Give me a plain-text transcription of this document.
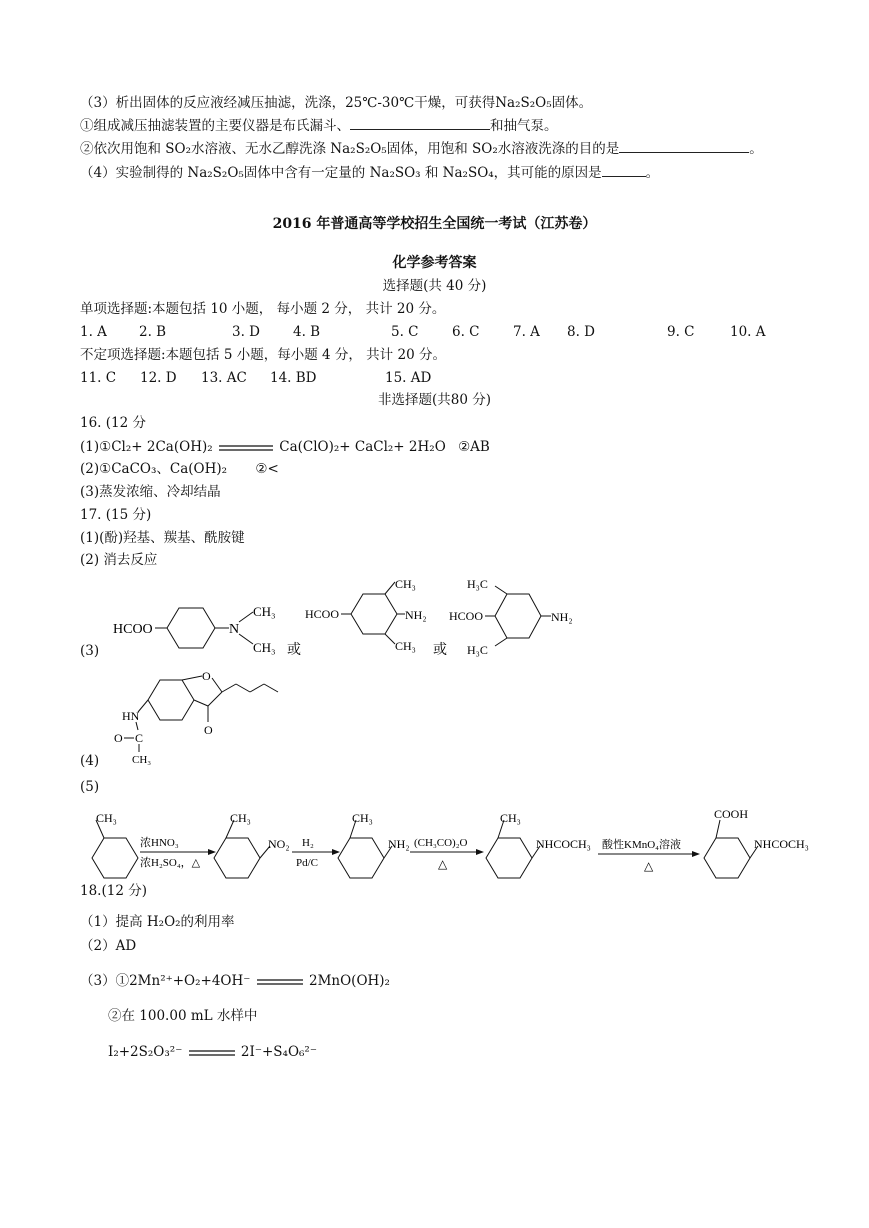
（3）析出固体的反应液经减压抽滤，洗涤，25℃-30℃干燥，可获得Na₂S₂O₅固体。
①组成减压抽滤装置的主要仪器是布氏漏斗、	和抽气泵。
②依次用饱和 SO₂水溶液、无水乙醇洗涤 Na₂S₂O₅固体，用饱和 SO₂水溶液洗涤的目的是	。
（4）实验制得的 Na₂S₂O₅固体中含有一定量的 Na₂SO₃ 和 Na₂SO₄，其可能的原因是	。
2016 年普通高等学校招生全国统一考试（江苏卷）
化学参考答案
选择题(共 40 分)
单项选择题:本题包括 10 小题， 每小题 2 分， 共计 20 分。
1. A 2. B	3. D 4. B	5. C 6. C 7. A 8. D	9. C	10. A
不定项选择题:本题包括 5 小题，每小题 4 分， 共计 20 分。
11. C 12. D 13. AC 14. BD	15. AD
非选择题(共80 分)
16. (12 分
(1)①Cl₂+ 2Ca(OH)₂	Ca(ClO)₂+ CaCl₂+ 2H₂O ②AB
(2)①CaCO₃、Ca(OH)₂ ②<
(3)蒸发浓缩、冷却结晶
17. (15 分)
(1)(酚)羟基、羰基、酰胺键
(2) 消去反应
(3)
HCOO	N
CH₃
CH₃ 或
HCOO
CH₃
NH₂
CH₃ 或
H₃C
HCOO	NH₂
H₃C
O
O
HN
O C
CH₃
(4)
(5)
CH₃
浓HNO₃
浓H₂SO₄，△
CH₃
NO₂ H₂
Pd/C
CH₃
NH₂ (CH₃CO)₂O
△
CH₃
NHCOCH₃ 酸性KMnO₄溶液
△
COOH
NHCOCH₃
18.(12 分)
（1）提高 H₂O₂的利用率
（2）AD
（3）①2Mn²⁺+O₂+4OH⁻	2MnO(OH)₂
②在 100.00 mL 水样中
I₂+2S₂O₃²⁻	2I⁻+S₄O₆²⁻
